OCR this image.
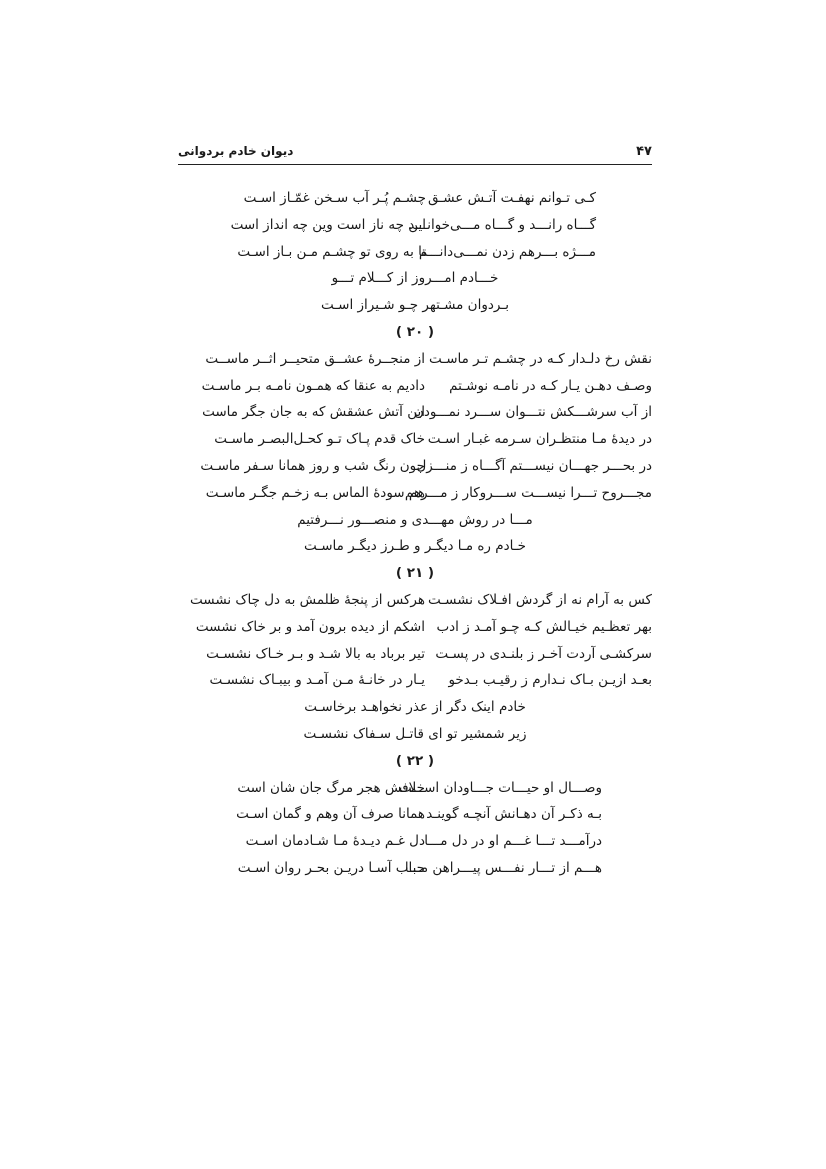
۴۷
دیوان خادم بردوانی
کـی تـوانم نهفـت آتـش عشـق
چشـم پُـر آب سـخن غمّـاز اسـت
گـــاه رانـــد و گـــاه مـــی‌خوانـــد
این چه ناز است وین چه انداز است
مـــژه بـــرهم زدن نمـــی‌دانـــم
تا به روی تو چشـم مـن بـاز اسـت
خـــادم امـــروز از کـــلام تـــو
بـردوان مشـتهر چـو شـیراز اسـت
( ۲۰ )
نقش رخ دلـدار کـه در چشـم تـر ماسـت
از منجــرهٔ عشــق متحیــر اثــر ماســت
وصـف دهـن یـار کـه در نامـه نوشـتم
دادیم به عنقا که همـون نامـه بـر ماسـت
از آب سرشـــکش نتـــوان ســـرد نمـــودن
این آتش عشقش که به جان جگر ماست
در دیدهٔ مـا منتظـران سـرمه غبـار اسـت
خاک قدم پـاک تـو کحـل‌البصـر ماسـت
در بحـــر جهـــان نیســـتم آگـــاه ز منـــزل
چون رنگ شب و روز همانا سـفر ماسـت
مجـــروح تـــرا نیســـت ســـروکار ز مـــرهم
هم سودهٔ الماس بـه زخـم جگـر ماسـت
مـــا در روش مهـــدی و منصـــور نـــرفتیم
خـادم ره مـا دیگـر و طـرز دیگـر ماسـت
( ۲۱ )
کس به آرام نه از گردش افـلاک نشسـت
هرکس از پنجهٔ ظلمش به دل چاک نشست
بهر تعظـیم خیـالش کـه چـو آمـد ز ادب
اشکم از دیده برون آمد و بر خاک نشست
سرکشـی آردت آخـر ز بلنـدی در پسـت
تیر برباد به بالا شـد و بـر خـاک نشسـت
بعـد ازیـن بـاک نـدارم ز رقیـب بـدخو
یـار در خانـهٔ مـن آمـد و بیبـاک نشسـت
خادم اینک دگر از عذر نخواهـد برخاسـت
زیر شمشیر تو ای قاتـل سـفاک نشسـت
( ۲۲ )
وصـــال او حیـــات جـــاودان اســـت
خلافش هجر مرگ جان شان است
بـه ذکـر آن دهـانش آنچـه گوینـد
همانا صرف آن وهم و گمان اسـت
درآمـــد تـــا غـــم او در دل مـــا
دل غـم دیـدهٔ مـا شـادمان اسـت
هـــم از تـــار نفـــس پیـــراهن مـــا
حباب آسـا دریـن بحـر روان اسـت
